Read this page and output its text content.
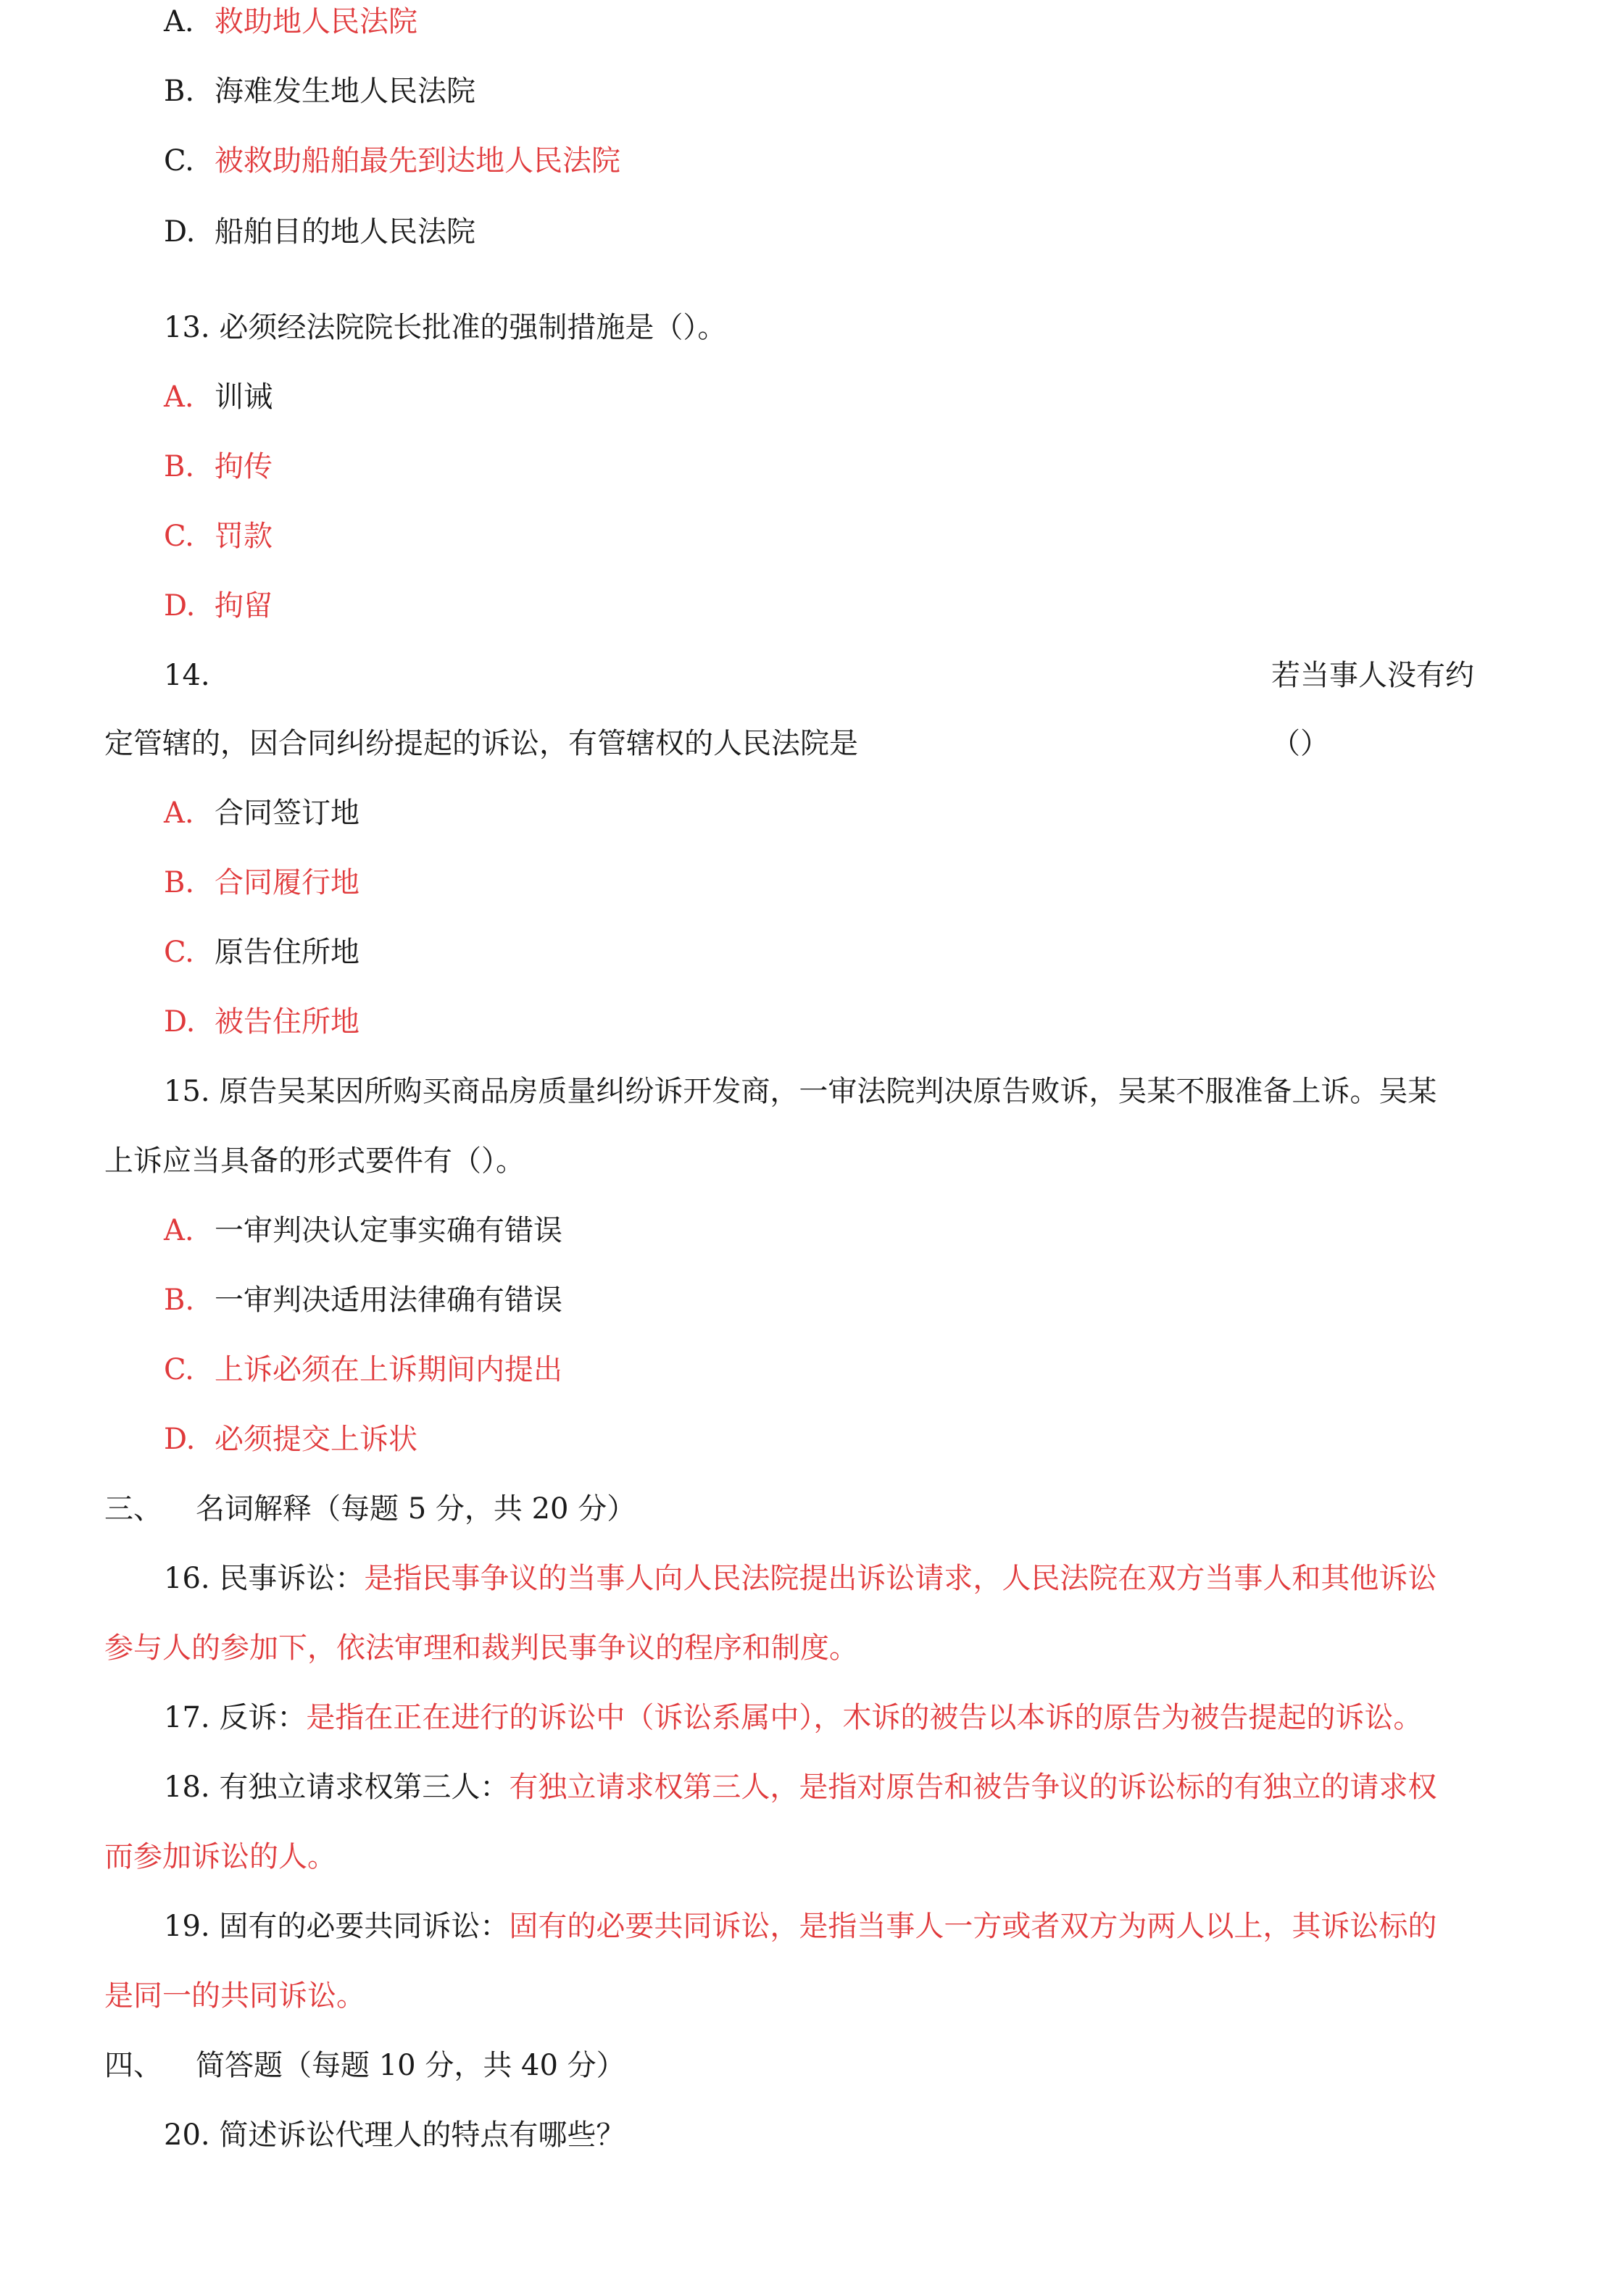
A. 救助地人民法院
B. 海难发生地人民法院
C. 被救助船舶最先到达地人民法院
D. 船舶目的地人民法院
13. 必须经法院院长批准的强制措施是（）。
A. 训诫
B. 拘传
C. 罚款
D. 拘留
14.	若当事人没有约
定管辖的，因合同纠纷提起的诉讼，有管辖权的人民法院是	（）
A. 合同签订地
B. 合同履行地
C. 原告住所地
D. 被告住所地
15. 原告吴某因所购买商品房质量纠纷诉开发商，一审法院判决原告败诉，吴某不服准备上诉。吴某
上诉应当具备的形式要件有（）。
A. 一审判决认定事实确有错误
B. 一审判决适用法律确有错误
C. 上诉必须在上诉期间内提出
D. 必须提交上诉状
三、 名词解释（每题 5 分，共 20 分）
16. 民事诉讼：是指民事争议的当事人向人民法院提出诉讼请求，人民法院在双方当事人和其他诉讼
参与人的参加下，依法审理和裁判民事争议的程序和制度。
17. 反诉：是指在正在进行的诉讼中（诉讼系属中），木诉的被告以本诉的原告为被告提起的诉讼。
18. 有独立请求权第三人：有独立请求权第三人，是指对原告和被告争议的诉讼标的有独立的请求权
而参加诉讼的人。
19. 固有的必要共同诉讼：固有的必要共同诉讼，是指当事人一方或者双方为两人以上，其诉讼标的
是同一的共同诉讼。
四、 简答题（每题 10 分，共 40 分）
20. 简述诉讼代理人的特点有哪些？
